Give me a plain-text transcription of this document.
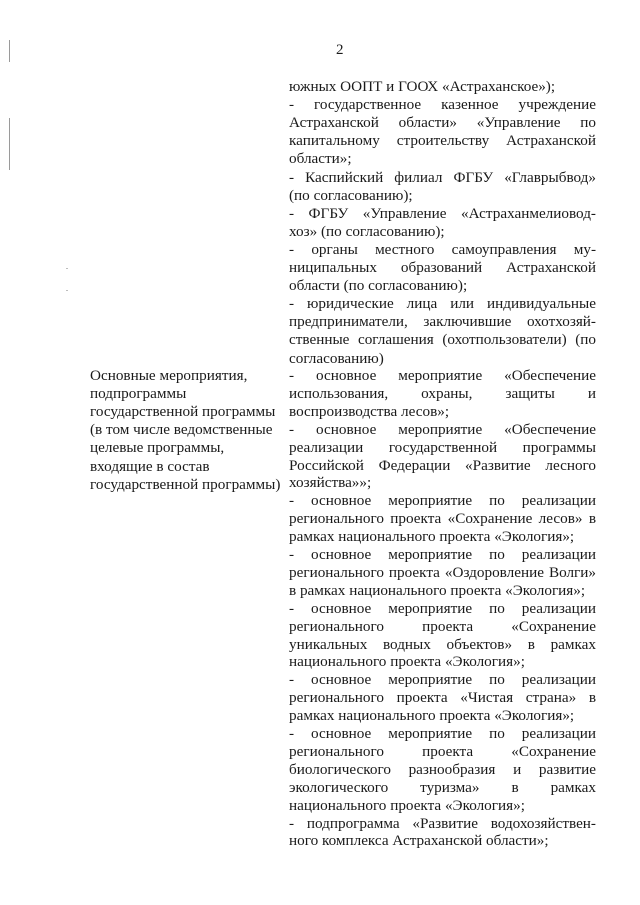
2
южных ООПТ и ГООХ «Астраханское»);
- государственное казенное учреждение
Астраханской области» «Управление по
капитальному строительству Астраханской
области»;
- Каспийский филиал ФГБУ «Главрыбвод»
(по согласованию);
- ФГБУ «Управление «Астраханмелиовод-
хоз» (по согласованию);
- органы местного самоуправления му-
ниципальных образований Астраханской
области (по согласованию);
- юридические лица или индивидуальные
предприниматели, заключившие охотхозяй-
ственные соглашения (охотпользователи) (по
согласованию)
Основные мероприятия,
подпрограммы
государственной программы
(в том числе ведомственные
целевые программы,
входящие в состав
государственной программы)
- основное мероприятие «Обеспечение
использования, охраны, защиты и
воспроизводства лесов»;
- основное мероприятие «Обеспечение
реализации государственной программы
Российской Федерации «Развитие лесного
хозяйства»»;
- основное мероприятие по реализации
регионального проекта «Сохранение лесов» в
рамках национального проекта «Экология»;
- основное мероприятие по реализации
регионального проекта «Оздоровление Волги»
в рамках национального проекта «Экология»;
- основное мероприятие по реализации
регионального проекта «Сохранение
уникальных водных объектов» в рамках
национального проекта «Экология»;
- основное мероприятие по реализации
регионального проекта «Чистая страна» в
рамках национального проекта «Экология»;
- основное мероприятие по реализации
регионального проекта «Сохранение
биологического разнообразия и развитие
экологического туризма» в рамках
национального проекта «Экология»;
- подпрограмма «Развитие водохозяйствен-
ного комплекса Астраханской области»;
